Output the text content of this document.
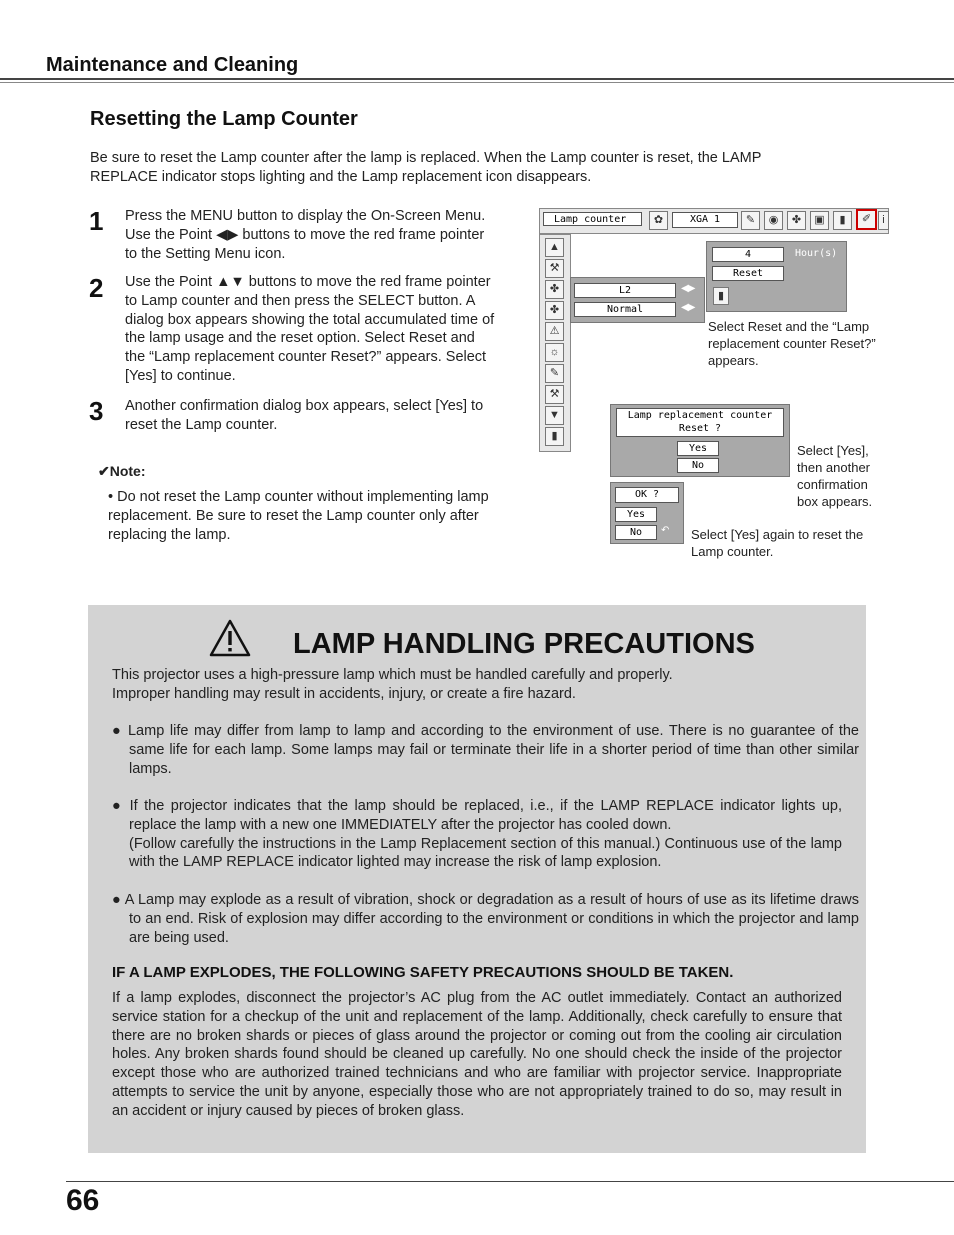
Maintenance and Cleaning
Resetting the Lamp Counter
Be sure to reset the Lamp counter after the lamp is replaced. When the Lamp counter is reset, the LAMP REPLACE indicator stops lighting and the Lamp replacement icon disappears.
1 Press the MENU button to display the On-Screen Menu. Use the Point ◀▶ buttons to move the red frame pointer to the Setting Menu icon.
2 Use the Point ▲▼ buttons to move the red frame pointer to Lamp counter and then press the SELECT button. A dialog box appears showing the total accumulated time of the lamp usage and the reset option. Select Reset and the “Lamp replacement counter Reset?” appears. Select [Yes] to continue.
3 Another confirmation dialog box appears, select [Yes] to reset the Lamp counter.
✔Note:
• Do not reset the Lamp counter without implementing lamp replacement. Be sure to reset the Lamp counter only after replacing the lamp.
Lamp counter	✿	XGA 1	✎	◉	✤	▣	▮	✐	i
▲
⚒
✤
✤
⚠
☼
✎
⚒
▼
▮
L2	◀▶
Normal	◀▶
4	Hour(s)
Reset
▮
Select Reset and the “Lamp replacement counter Reset?” appears.
Lamp replacement counter
Reset ?
Yes
No
Select [Yes], then another confirmation box appears.
OK ?
Yes
No	↶ Select [Yes] again to reset the Lamp counter.
LAMP HANDLING PRECAUTIONS
This projector uses a high-pressure lamp which must be handled carefully and properly.
Improper handling may result in accidents, injury, or create a fire hazard.
● Lamp life may differ from lamp to lamp and according to the environment of use. There is no guarantee of the same life for each lamp. Some lamps may fail or terminate their life in a shorter period of time than other similar lamps.
● If the projector indicates that the lamp should be replaced, i.e., if the LAMP REPLACE indicator lights up, replace the lamp with a new one IMMEDIATELY after the projector has cooled down.
(Follow carefully the instructions in the Lamp Replacement section of this manual.) Continuous use of the lamp with the LAMP REPLACE indicator lighted may increase the risk of lamp explosion.
● A Lamp may explode as a result of vibration, shock or degradation as a result of hours of use as its lifetime draws to an end. Risk of explosion may differ according to the environment or conditions in which the projector and lamp are being used.
IF A LAMP EXPLODES, THE FOLLOWING SAFETY PRECAUTIONS SHOULD BE TAKEN.
If a lamp explodes, disconnect the projector’s AC plug from the AC outlet immediately. Contact an authorized service station for a checkup of the unit and replacement of the lamp. Additionally, check carefully to ensure that there are no broken shards or pieces of glass around the projector or coming out from the cooling air circulation holes. Any broken shards found should be cleaned up carefully. No one should check the inside of the projector except those who are authorized trained technicians and who are familiar with projector service. Inappropriate attempts to service the unit by anyone, especially those who are not appropriately trained to do so, may result in an accident or injury caused by pieces of broken glass.
66
